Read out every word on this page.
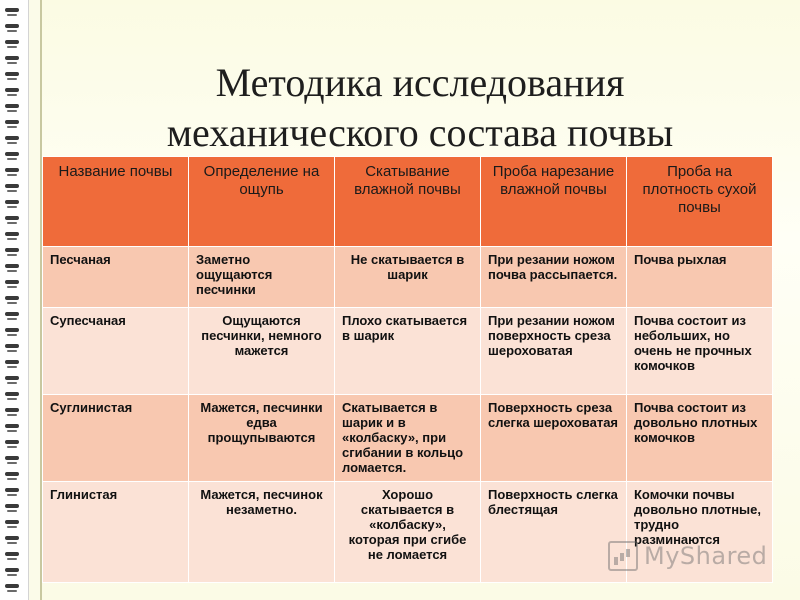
Методика исследования
механического состава почвы
Название почвы	Определение на ощупь	Скатывание влажной почвы	Проба нарезание влажной почвы	Проба на плотность сухой почвы
Песчаная	Заметно ощущаются песчинки	Не скатывается в шарик	При резании ножом почва рассыпается.	Почва рыхлая
Супесчаная	Ощущаются песчинки, немного мажется	Плохо скатывается в шарик	При резании ножом поверхность среза шероховатая	Почва состоит из небольших, но очень не прочных комочков
Суглинистая	Мажется, песчинки едва прощупываются	Скатывается в шарик и в «колбаску», при сгибании в кольцо ломается.	Поверхность среза слегка шероховатая	Почва состоит из довольно плотных комочков
Глинистая	Мажется, песчинок незаметно.	Хорошо скатывается в «колбаску», которая при сгибе не ломается	Поверхность слегка блестящая	Комочки почвы довольно плотные, трудно разминаются
MyShared
